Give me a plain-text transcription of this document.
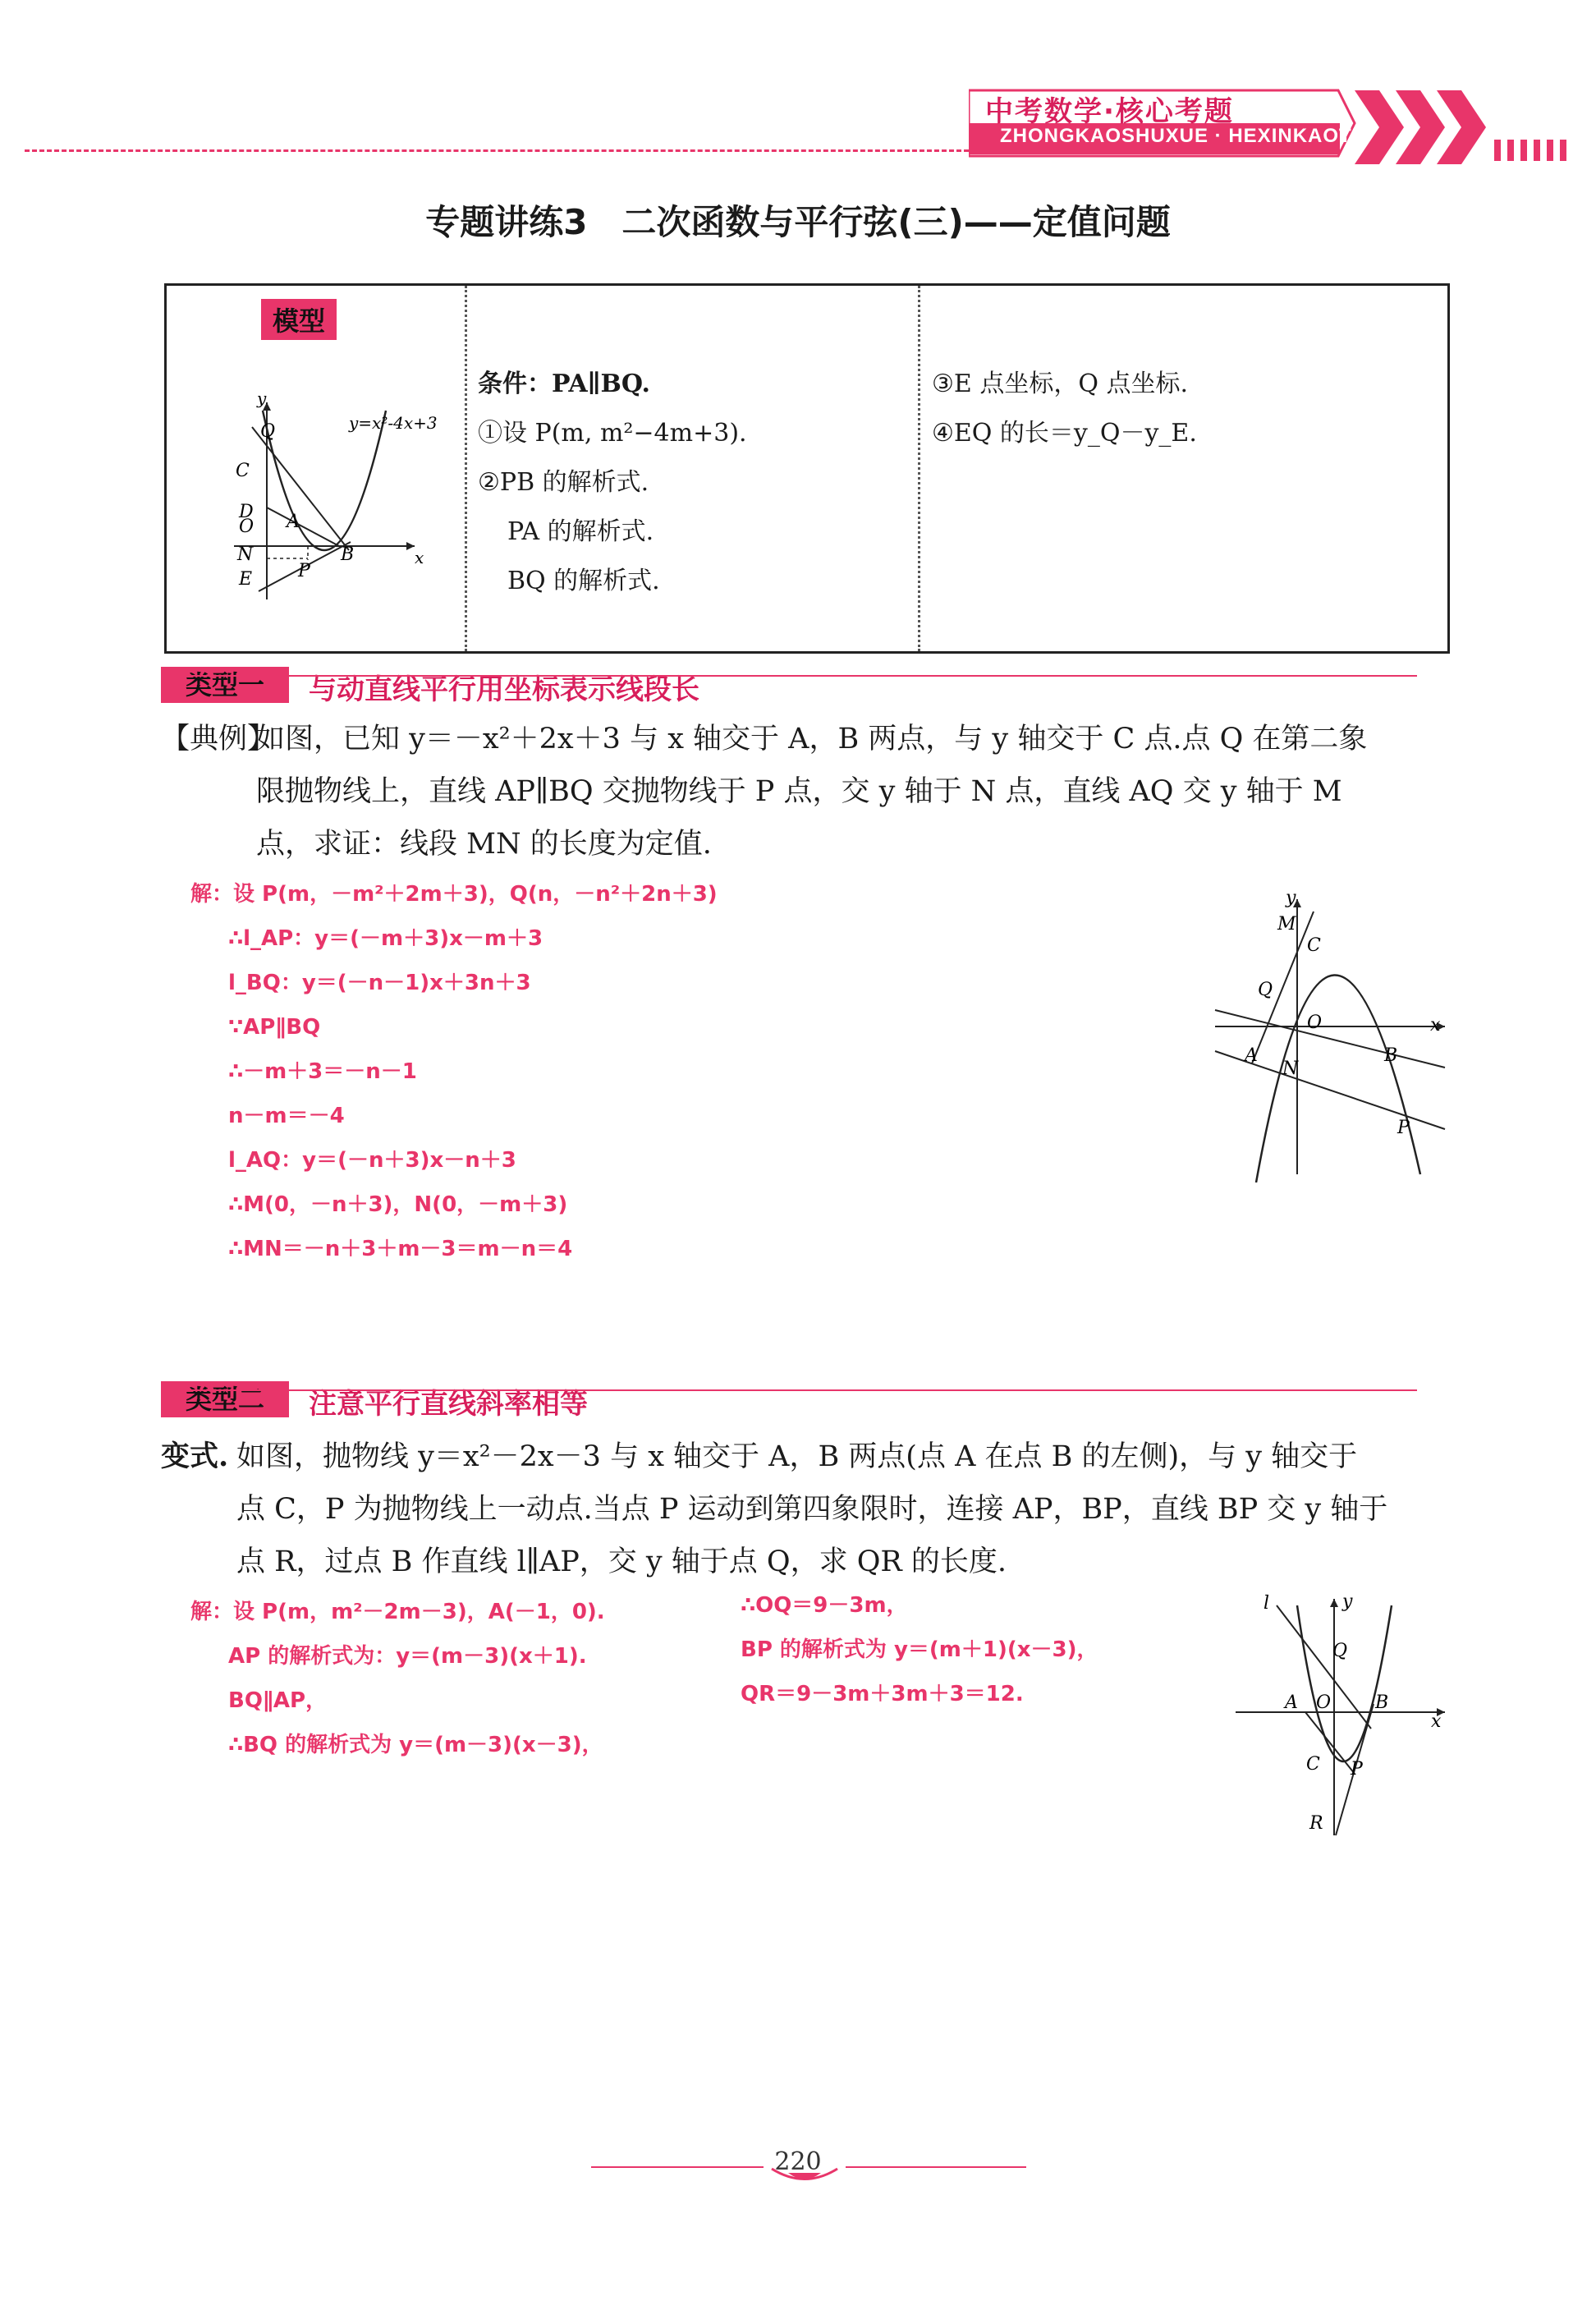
中考数学·核心考题
ZHONGKAOSHUXUE · HEXINKAOTI
专题讲练3　二次函数与平行弦(三)——定值问题
模型
y
x
Q
C
D
O A
N
P
B
E
y=x²-4x+3
条件：PA∥BQ.
①设 P(m, m²−4m+3).
②PB 的解析式.
PA 的解析式.
BQ 的解析式.
③E 点坐标，Q 点坐标.
④EQ 的长＝y_Q－y_E.
类型一	与动直线平行用坐标表示线段长
【典例】
如图，已知 y＝－x²＋2x＋3 与 x 轴交于 A，B 两点，与 y 轴交于 C 点.点 Q 在第二象
限抛物线上，直线 AP∥BQ 交抛物线于 P 点，交 y 轴于 N 点，直线 AQ 交 y 轴于 M
点，求证：线段 MN 的长度为定值.
解：设 P(m，－m²＋2m＋3)，Q(n，－n²＋2n＋3)
∴l_AP：y＝(－m＋3)x－m＋3
l_BQ：y＝(－n－1)x＋3n＋3
∵AP∥BQ
∴－m＋3＝－n－1
n－m＝－4
l_AQ：y＝(－n＋3)x－n＋3
∴M(0，－n＋3)，N(0，－m＋3)
∴MN＝－n＋3＋m－3＝m－n＝4
y
M
C
Q
O	x
A
N
B
P
类型二	注意平行直线斜率相等
变式. 如图，抛物线 y＝x²－2x－3 与 x 轴交于 A，B 两点(点 A 在点 B 的左侧)，与 y 轴交于
点 C，P 为抛物线上一动点.当点 P 运动到第四象限时，连接 AP，BP，直线 BP 交 y 轴于
点 R，过点 B 作直线 l∥AP，交 y 轴于点 Q，求 QR 的长度.
解：设 P(m，m²－2m－3)，A(－1，0).
AP 的解析式为：y＝(m－3)(x＋1).
BQ∥AP，
∴BQ 的解析式为 y＝(m－3)(x－3)，
∴OQ＝9－3m，
BP 的解析式为 y＝(m＋1)(x－3)，
QR＝9－3m＋3m＋3＝12.
l	y
Q
A O B
x
C P
R
220
